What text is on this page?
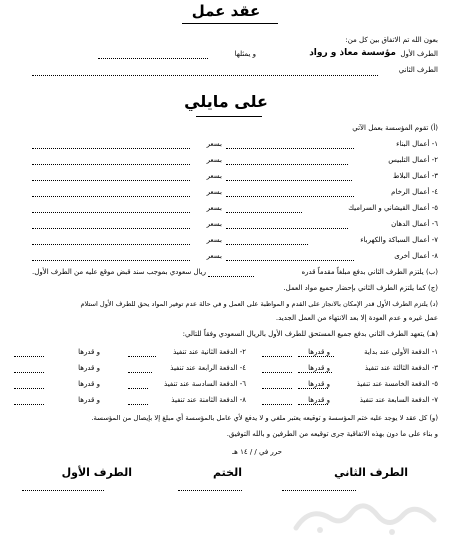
عقد عمل
بعون الله تم الاتفاق بين كل من:
الطرف الأول
مؤسسة معاذ و رواد
و يمثلها
الطرف الثاني
على مايلي
(أ) تقوم المؤسسة بعمل الآتي
١- أعمال البناء
بسعر
٢- أعمال التلبيس
بسعر
٣- أعمال البلاط
بسعر
٤- أعمال الرخام
بسعر
٥- أعمال القيشاني و السراميك
بسعر
٦- أعمال الدهان
بسعر
٧- أعمال السباكة والكهرباء
بسعر
٨- أعمال أخرى
بسعر
(ب) يلتزم الطرف الثاني بدفع مبلغاً مقدماً قدره
ريال سعودي بموجب سند قبض موقع عليه من الطرف الأول.
(ج) كما يلتزم الطرف الثاني بإحضار جميع مواد العمل.
(د) يلتزم الطرف الأول قدر الإمكان بالانجاز على القدم و المواظبة على العمل و في حالة عدم توفير المواد يحق للطرف الأول استلام
عمل غيره و عدم العودة إلا بعد الانتهاء من العمل الجديد.
(هـ) يتعهد الطرف الثاني بدفع جميع المستحق للطرف الأول بالريال السعودي وفقاً للتالي:
١- الدفعة الأولى عند بداية
و قدرها
٢- الدفعة الثانية عند تنفيذ
و قدرها
٣- الدفعة الثالثة عند تنفيذ
و قدرها
٤- الدفعة الرابعة عند تنفيذ
و قدرها
٥- الدفعة الخامسة عند تنفيذ
و قدرها
٦- الدفعة السادسة عند تنفيذ
و قدرها
٧- الدفعة السابعة عند تنفيذ
و قدرها
٨- الدفعة الثامنة عند تنفيذ
و قدرها
(و) كل عقد لا يوجد عليه ختم المؤسسة و توقيعه يعتبر ملغي و لا يدفع لأي عامل بالمؤسسة أي مبلغ إلا بإيصال من المؤسسة.
و بناء على ما دون بهذه الاتفاقية جرى توقيعه من الطرفين و بالله التوفيق.
حرر في / / ١٤ هـ
الطرف الثاني
الختم
الطرف الأول
